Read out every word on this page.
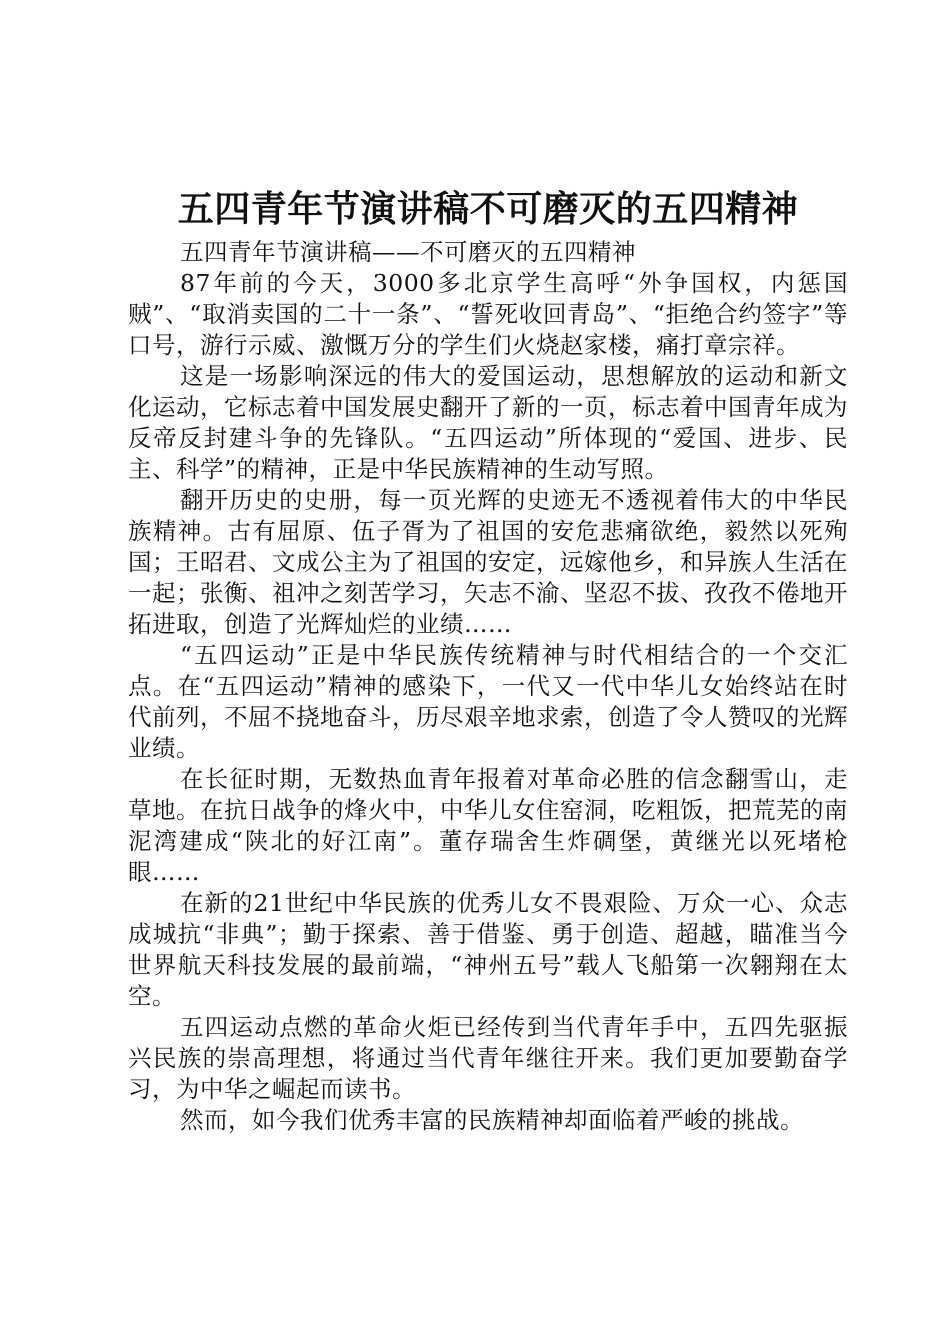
五四青年节演讲稿不可磨灭的五四精神

五四青年节演讲稿——不可磨灭的五四精神

87年前的今天，3000多北京学生高呼“外争国权，内惩国贼”、“取消卖国的二十一条”、“誓死收回青岛”、“拒绝合约签字”等口号，游行示威、激慨万分的学生们火烧赵家楼，痛打章宗祥。

这是一场影响深远的伟大的爱国运动，思想解放的运动和新文化运动，它标志着中国发展史翻开了新的一页，标志着中国青年成为反帝反封建斗争的先锋队。“五四运动”所体现的“爱国、进步、民主、科学”的精神，正是中华民族精神的生动写照。

翻开历史的史册，每一页光辉的史迹无不透视着伟大的中华民族精神。古有屈原、伍子胥为了祖国的安危悲痛欲绝，毅然以死殉国；王昭君、文成公主为了祖国的安定，远嫁他乡，和异族人生活在一起；张衡、祖冲之刻苦学习，矢志不渝、坚忍不拔、孜孜不倦地开拓进取，创造了光辉灿烂的业绩……

“五四运动”正是中华民族传统精神与时代相结合的一个交汇点。在“五四运动”精神的感染下，一代又一代中华儿女始终站在时代前列，不屈不挠地奋斗，历尽艰辛地求索，创造了令人赞叹的光辉业绩。

在长征时期，无数热血青年报着对革命必胜的信念翻雪山，走草地。在抗日战争的烽火中，中华儿女住窑洞，吃粗饭，把荒芜的南泥湾建成“陕北的好江南”。董存瑞舍生炸碉堡，黄继光以死堵枪眼……

在新的21世纪中华民族的优秀儿女不畏艰险、万众一心、众志成城抗“非典”；勤于探索、善于借鉴、勇于创造、超越，瞄准当今世界航天科技发展的最前端，“神州五号”载人飞船第一次翱翔在太空。

五四运动点燃的革命火炬已经传到当代青年手中，五四先驱振兴民族的崇高理想，将通过当代青年继往开来。我们更加要勤奋学习，为中华之崛起而读书。

然而，如今我们优秀丰富的民族精神却面临着严峻的挑战。
